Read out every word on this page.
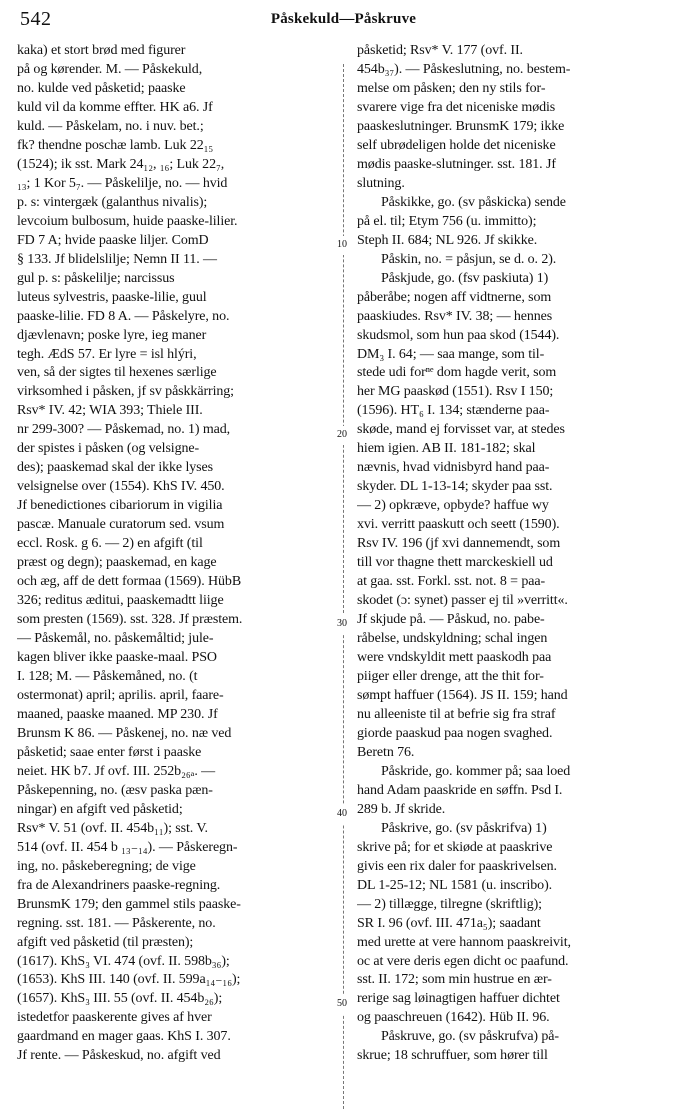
542	Påskekuld—Påskruve
kaka) et stort brød med figurer
på og kørender. M. — Påskekuld,
no. kulde ved påsketid; paaske
kuld vil da komme effter. HK a6. Jf
kuld. — Påskelam, no. i nuv. bet.;
fk? thendne poschæ lamb. Luk 22₁₅
(1524); ik sst. Mark 24₁₂, ₁₆; Luk 22₇,
₁₃; 1 Kor 5₇. — Påskelilje, no. — hvid
p. s: vintergæk (galanthus nivalis);
levcoium bulbosum, huide paaske-lilier.
FD 7 A; hvide paaske liljer. ComD
§ 133. Jf blidelslilje; Nemn II 11. —
gul p. s: påskelilje; narcissus
luteus sylvestris, paaske-lilie, guul
paaske-lilie. FD 8 A. — Påskelyre, no.
djævlenavn; poske lyre, ieg maner
tegh. ÆdS 57. Er lyre = isl hlýri,
ven, så der sigtes til hexenes særlige
virksomhed i påsken, jf sv påskkärring;
Rsv* IV. 42; WIA 393; Thiele III.
nr 299-300? — Påskemad, no. 1) mad,
der spistes i påsken (og velsigne-
des); paaskemad skal der ikke lyses
velsignelse over (1554). KhS IV. 450.
Jf benedictiones cibariorum in vigilia
pascæ. Manuale curatorum sed. vsum
eccl. Rosk. g 6. — 2) en afgift (til
præst og degn); paaskemad, en kage
och æg, aff de dett formaa (1569). HübB
326; reditus æditui, paaskemadtt liige
som presten (1569). sst. 328. Jf præstem.
— Påskemål, no. påskemåltid; jule-
kagen bliver ikke paaske-maal. PSO
I. 128; M. — Påskemåned, no. (t
ostermonat) april; aprilis. april, faare-
maaned, paaske maaned. MP 230. Jf
Brunsm K 86. — Påskenej, no. næ ved
påsketid; saae enter først i paaske
neiet. HK b7. Jf ovf. III. 252b₂₆ₐ. —
Påskepenning, no. (æsv paska pæn-
ningar) en afgift ved påsketid;
Rsv* V. 51 (ovf. II. 454b₁₁); sst. V.
514 (ovf. II. 454 b ₁₃₋₁₄). — Påskeregn-
ing, no. påskeberegning; de vige
fra de Alexandriners paaske-regning.
BrunsmK 179; den gammel stils paaske-
regning. sst. 181. — Påskerente, no.
afgift ved påsketid (til præsten);
(1617). KhS₃ VI. 474 (ovf. II. 598b₃₆);
(1653). KhS III. 140 (ovf. II. 599a₁₄₋₁₆);
(1657). KhS₃ III. 55 (ovf. II. 454b₂₆);
istedetfor paaskerente gives af hver
gaardmand en mager gaas. KhS I. 307.
Jf rente. — Påskeskud, no. afgift ved
10
20
30
40
50
påsketid; Rsv* V. 177 (ovf. II.
454b₃₇). — Påskeslutning, no. bestem-
melse om påsken; den ny stils for-
svarere vige fra det niceniske mødis
paaskeslutninger. BrunsmK 179; ikke
self ubrødeligen holde det niceniske
mødis paaske-slutninger. sst. 181. Jf
slutning.
Påskikke, go. (sv påskicka) sende
på el. til; Etym 756 (u. immitto);
Steph II. 684; NL 926. Jf skikke.
Påskin, no. = påsjun, se d. o. 2).
Påskjude, go. (fsv paskiuta) 1)
påberåbe; nogen aff vidtnerne, som
paaskiudes. Rsv* IV. 38; — hennes
skudsmol, som hun paa skod (1544).
DM₃ I. 64; — saa mange, som til-
stede udi forⁿᵉ dom hagde verit, som
her MG paaskød (1551). Rsv I 150;
(1596). HT₆ I. 134; stænderne paa-
skøde, mand ej forvisset var, at stedes
hiem igien. AB II. 181-182; skal
nævnis, hvad vidnisbyrd hand paa-
skyder. DL 1-13-14; skyder paa sst.
— 2) opkræve, opbyde? haffue wy
xvi. verritt paaskutt och seett (1590).
Rsv IV. 196 (jf xvi dannemendt, som
till vor thagne thett marckeskiell ud
at gaa. sst. Forkl. sst. not. 8 = paa-
skodet (ɔ: synet) passer ej til »verritt«.
Jf skjude på. — Påskud, no. pabe-
råbelse, undskyldning; schal ingen
were vndskyldit mett paaskodh paa
piiger eller drenge, att the thit for-
sømpt haffuer (1564). JS II. 159; hand
nu alleeniste til at befrie sig fra straf
giorde paaskud paa nogen svaghed.
Beretn 76.
Påskride, go. kommer på; saa loed
hand Adam paaskride en søffn. Psd I.
289 b. Jf skride.
Påskrive, go. (sv påskrifva) 1)
skrive på; for et skiøde at paaskrive
givis een rix daler for paaskrivelsen.
DL 1-25-12; NL 1581 (u. inscribo).
— 2) tillægge, tilregne (skriftlig);
SR I. 96 (ovf. III. 471a₅); saadant
med urette at vere hannom paaskreivit,
oc at vere deris egen dicht oc paafund.
sst. II. 172; som min hustrue en ær-
rerige sag løinagtigen haffuer dichtet
og paaschreuen (1642). Hüb II. 96.
Påskruve, go. (sv påskrufva) på-
skrue; 18 schruffuer, som hører till
